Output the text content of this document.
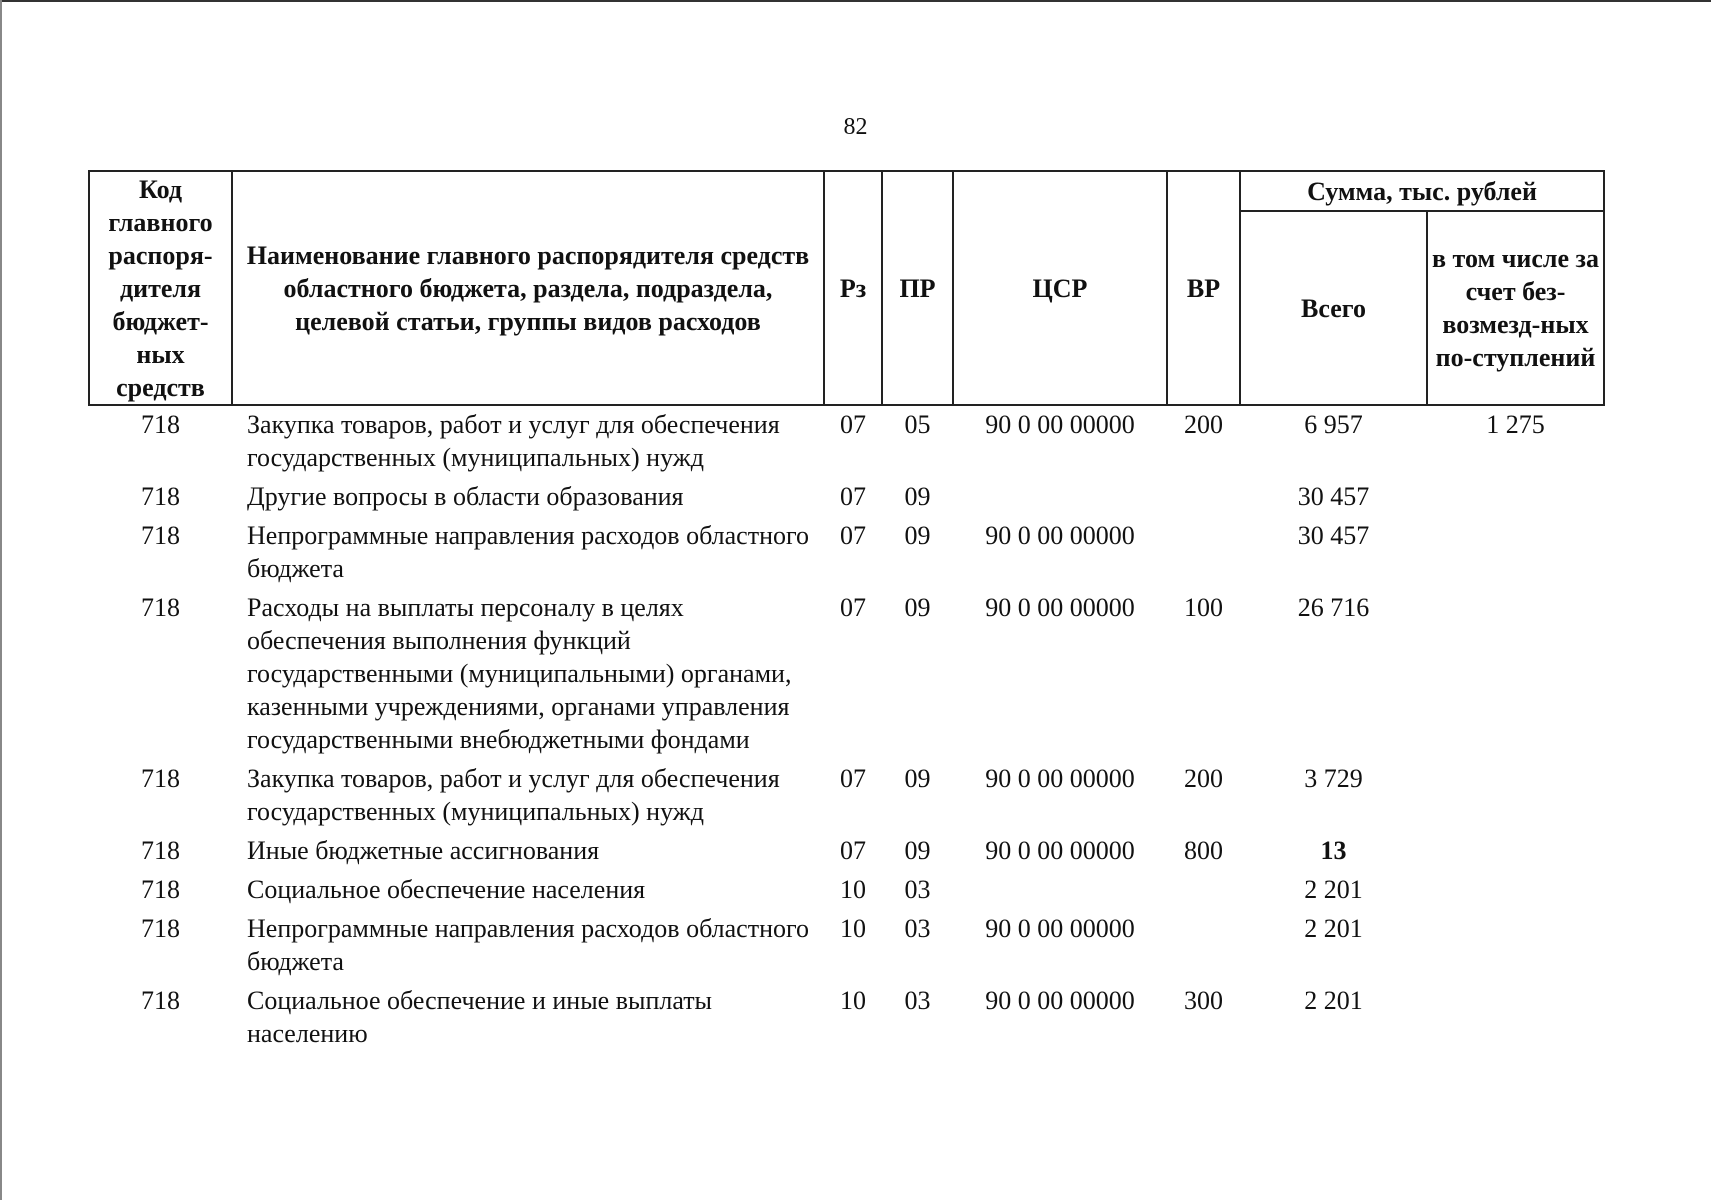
82
Код главного распоря-дителя бюджет-ных средств	Наименование главного распорядителя средств областного бюджета, раздела, подраздела, целевой статьи, группы видов расходов	Рз	ПР	ЦСР	ВР	Сумма, тыс. рублей	
						Всего	в том числе за счет без-возмезд-ных по-ступлений
718	Закупка товаров, работ и услуг для обеспечения государственных (муниципальных) нужд	07	05	90 0 00 00000	200	6 957	1 275
718	Другие вопросы в области образования	07	09			30 457	
718	Непрограммные направления расходов областного бюджета	07	09	90 0 00 00000		30 457	
718	Расходы на выплаты персоналу в целях обеспечения выполнения функций государственными (муниципальными) органами, казенными учреждениями, органами управления государственными внебюджетными фондами	07	09	90 0 00 00000	100	26 716	
718	Закупка товаров, работ и услуг для обеспечения государственных (муниципальных) нужд	07	09	90 0 00 00000	200	3 729	
718	Иные бюджетные ассигнования	07	09	90 0 00 00000	800	13	
718	Социальное обеспечение населения	10	03			2 201	
718	Непрограммные направления расходов областного бюджета	10	03	90 0 00 00000		2 201	
718	Социальное обеспечение и иные выплаты населению	10	03	90 0 00 00000	300	2 201	
